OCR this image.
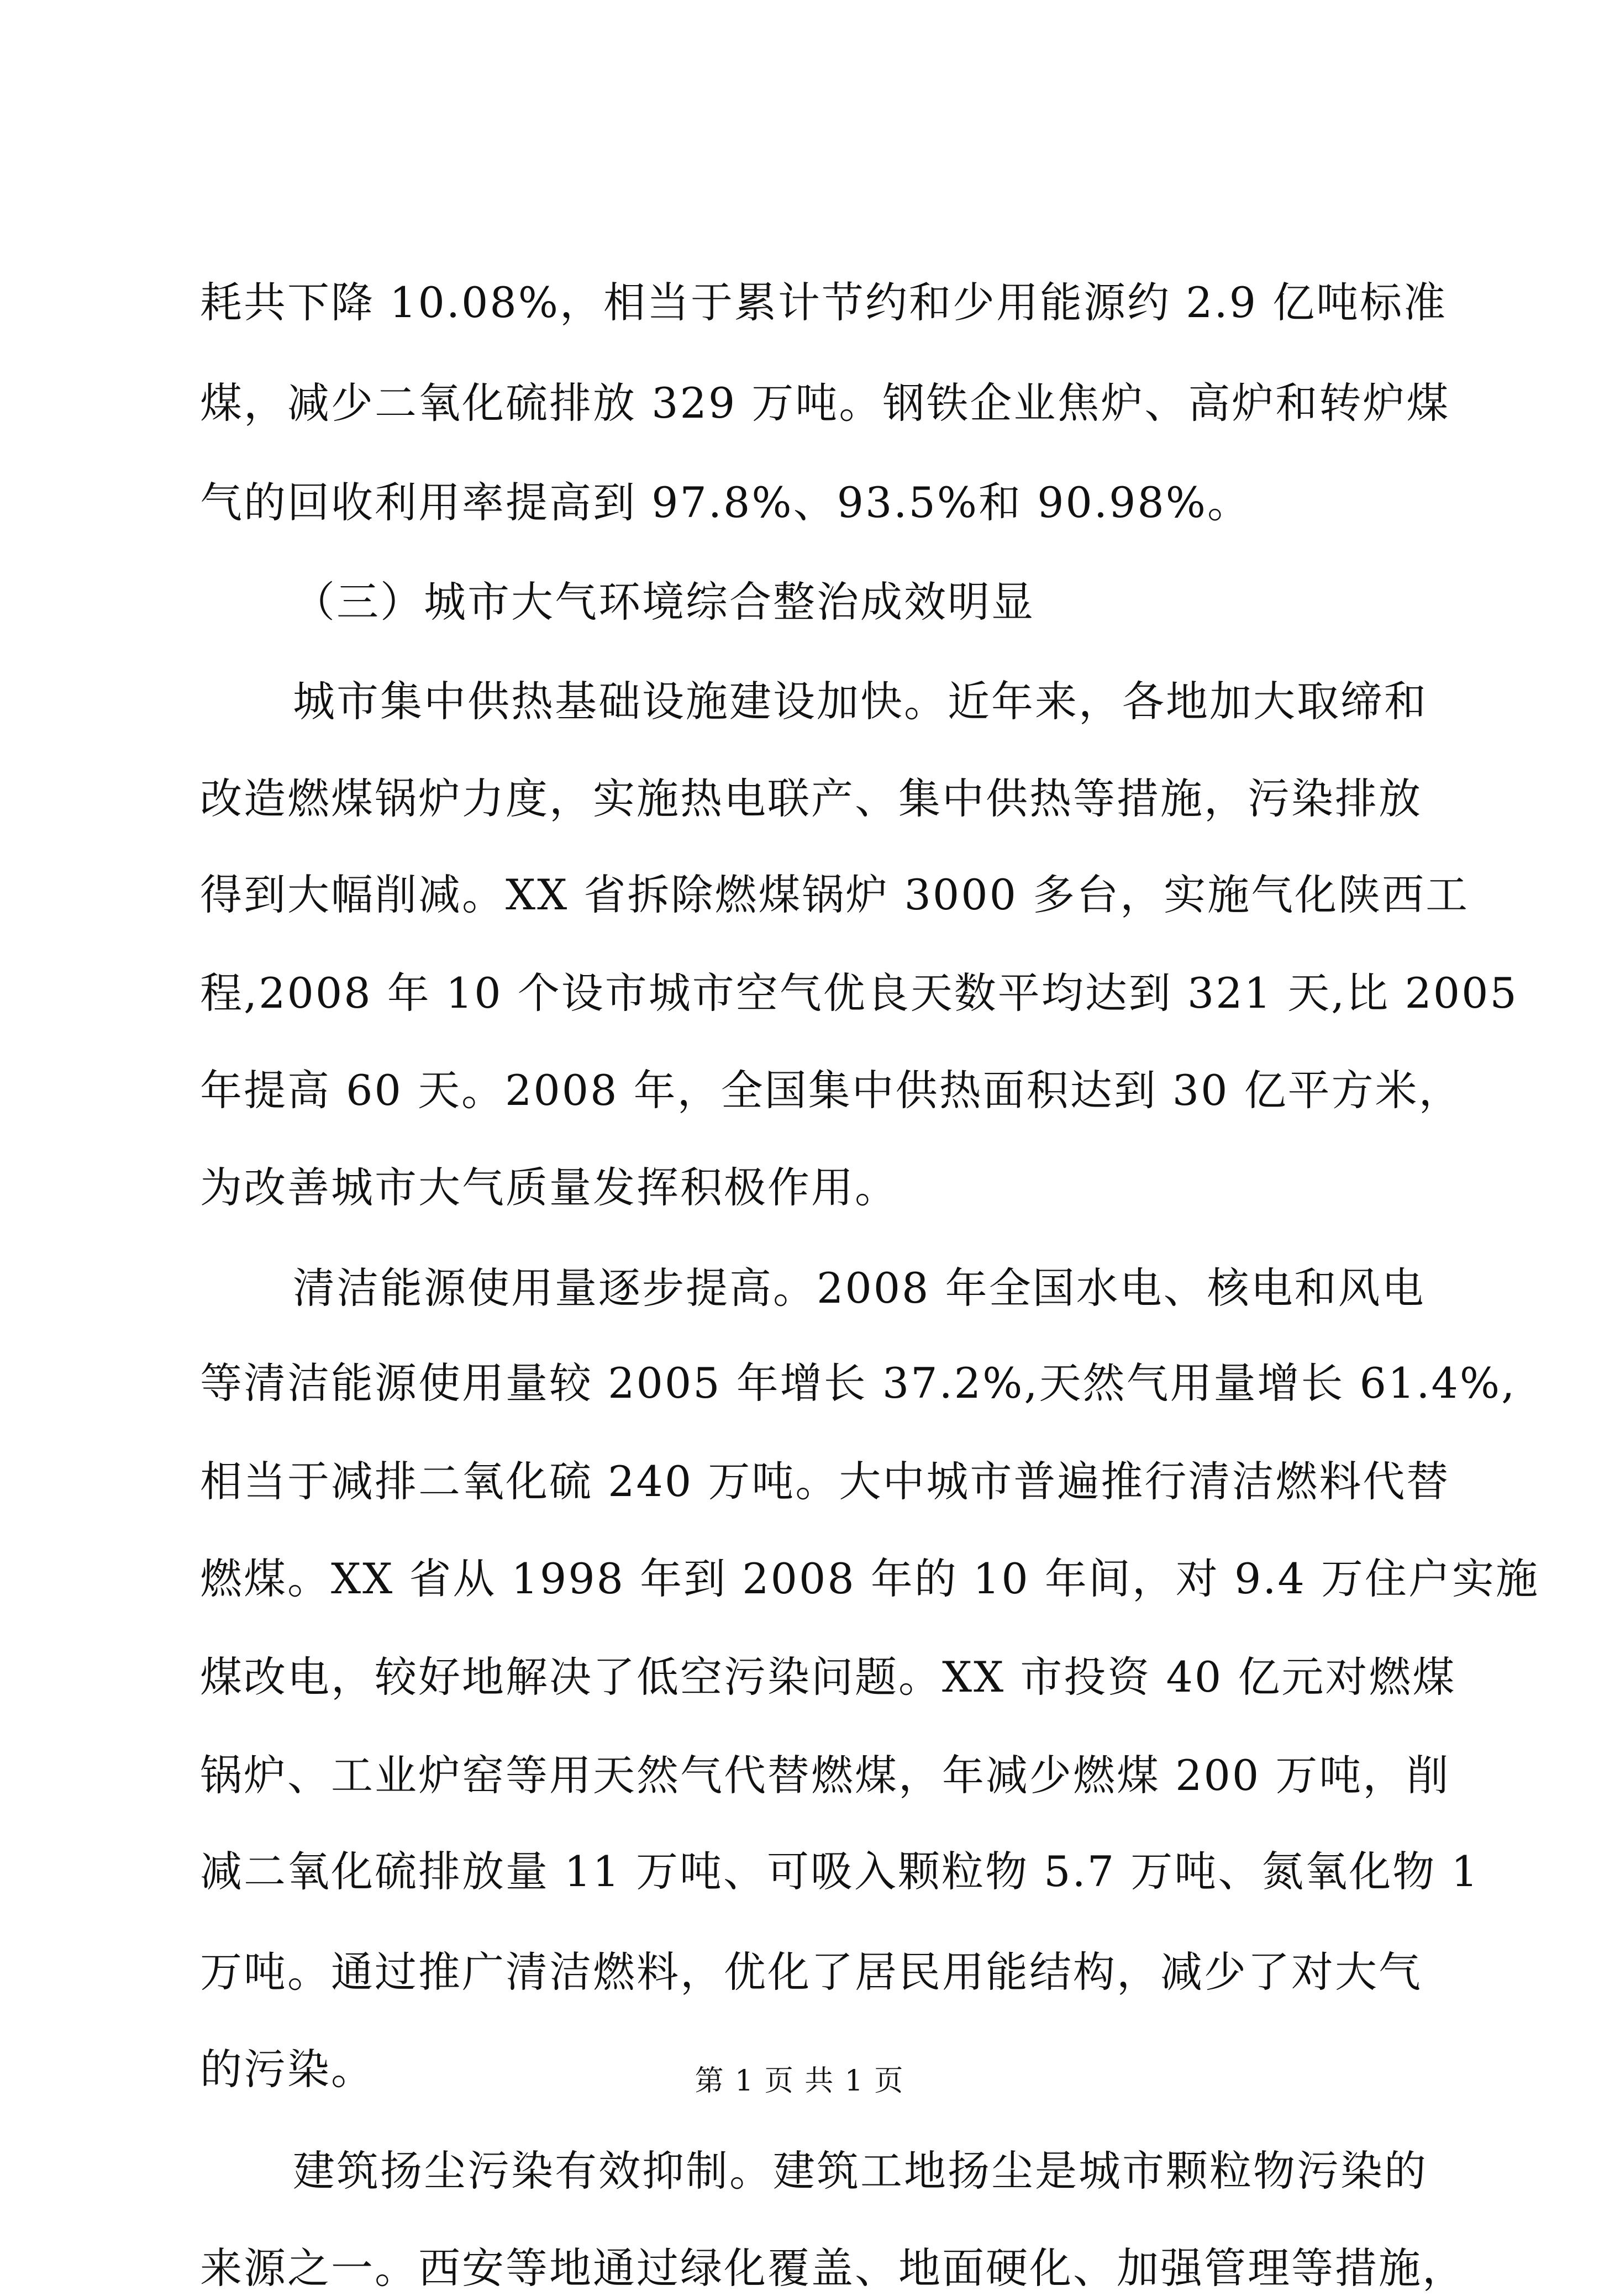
耗共下降 10.08%，相当于累计节约和少用能源约 2.9 亿吨标准
煤，减少二氧化硫排放 329 万吨。钢铁企业焦炉、高炉和转炉煤
气的回收利用率提高到 97.8%、93.5%和 90.98%。
（三）城市大气环境综合整治成效明显
城市集中供热基础设施建设加快。近年来，各地加大取缔和
改造燃煤锅炉力度，实施热电联产、集中供热等措施，污染排放
得到大幅削减。XX 省拆除燃煤锅炉 3000 多台，实施气化陕西工
程,2008 年 10 个设市城市空气优良天数平均达到 321 天,比 2005
年提高 60 天。2008 年，全国集中供热面积达到 30 亿平方米，
为改善城市大气质量发挥积极作用。
清洁能源使用量逐步提高。2008 年全国水电、核电和风电
等清洁能源使用量较 2005 年增长 37.2%,天然气用量增长 61.4%,
相当于减排二氧化硫 240 万吨。大中城市普遍推行清洁燃料代替
燃煤。XX 省从 1998 年到 2008 年的 10 年间，对 9.4 万住户实施
煤改电，较好地解决了低空污染问题。XX 市投资 40 亿元对燃煤
锅炉、工业炉窑等用天然气代替燃煤，年减少燃煤 200 万吨，削
减二氧化硫排放量 11 万吨、可吸入颗粒物 5.7 万吨、氮氧化物 1
万吨。通过推广清洁燃料，优化了居民用能结构，减少了对大气
的污染。
建筑扬尘污染有效抑制。建筑工地扬尘是城市颗粒物污染的
来源之一。西安等地通过绿化覆盖、地面硬化、加强管理等措施，
第 1 页 共 1 页
